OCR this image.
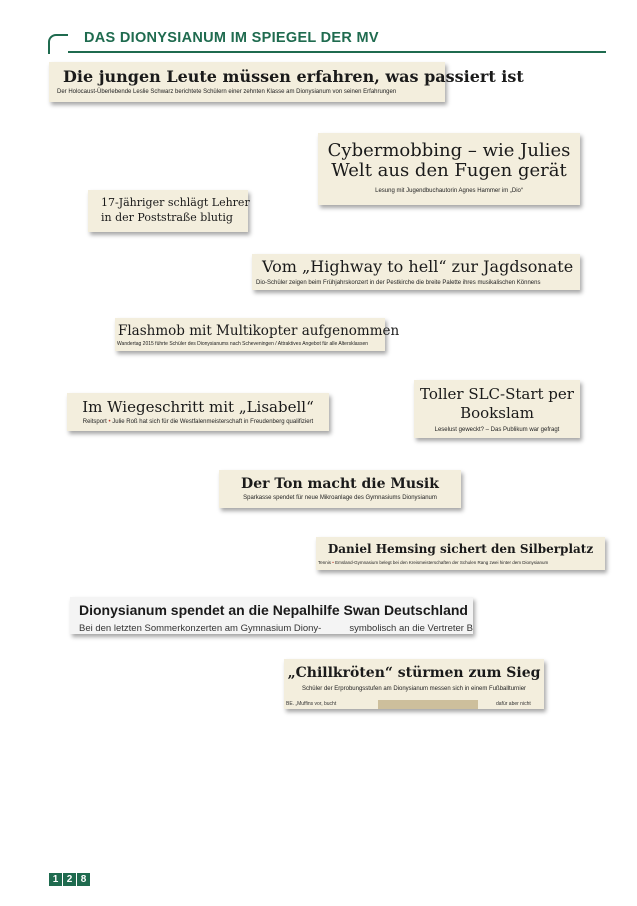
DAS DIONYSIANUM IM SPIEGEL DER MV
Die jungen Leute müssen erfahren, was passiert ist
Der Holocaust-Überlebende Leslie Schwarz berichtete Schülern einer zehnten Klasse am Dionysianum von seinen Erfahrungen
Cybermobbing – wie Julies Welt aus den Fugen gerät
Lesung mit Jugendbuchautorin Agnes Hammer im „Dio“
17-Jähriger schlägt Lehrer
in der Poststraße blutig
Vom „Highway to hell“ zur Jagdsonate
Dio-Schüler zeigen beim Frühjahrskonzert in der Pestkirche die breite Palette ihres musikalischen Könnens
Flashmob mit Multikopter aufgenommen
Wandertag 2015 führte Schüler des Dionysianums nach Scheveningen / Attraktives Angebot für alle Altersklassen
Toller SLC-Start per Bookslam
Leselust geweckt? – Das Publikum war gefragt
Im Wiegeschritt mit „Lisabell“
Reitsport • Julie Roß hat sich für die Westfalenmeisterschaft in Freudenberg qualifiziert
Der Ton macht die Musik
Sparkasse spendet für neue Mikroanlage des Gymnasiums Dionysianum
Daniel Hemsing sichert den Silberplatz
Tennis • Emsland-Gymnasium belegt bei den Kreismeisterschaften der Schulen Rang zwei hinter dem Dionysianum
Dionysianum spendet an die Nepalhilfe Swan Deutschland
Bei den letzten Sommerkonzerten am Gymnasium Diony-	symbolisch an die Vertreter B
„Chillkröten“ stürmen zum Sieg
Schüler der Erprobungsstufen am Dionysianum messen sich in einem Fußballturnier
BE. „Muffins vor, bucht	dafür aber nicht
1 2 8
